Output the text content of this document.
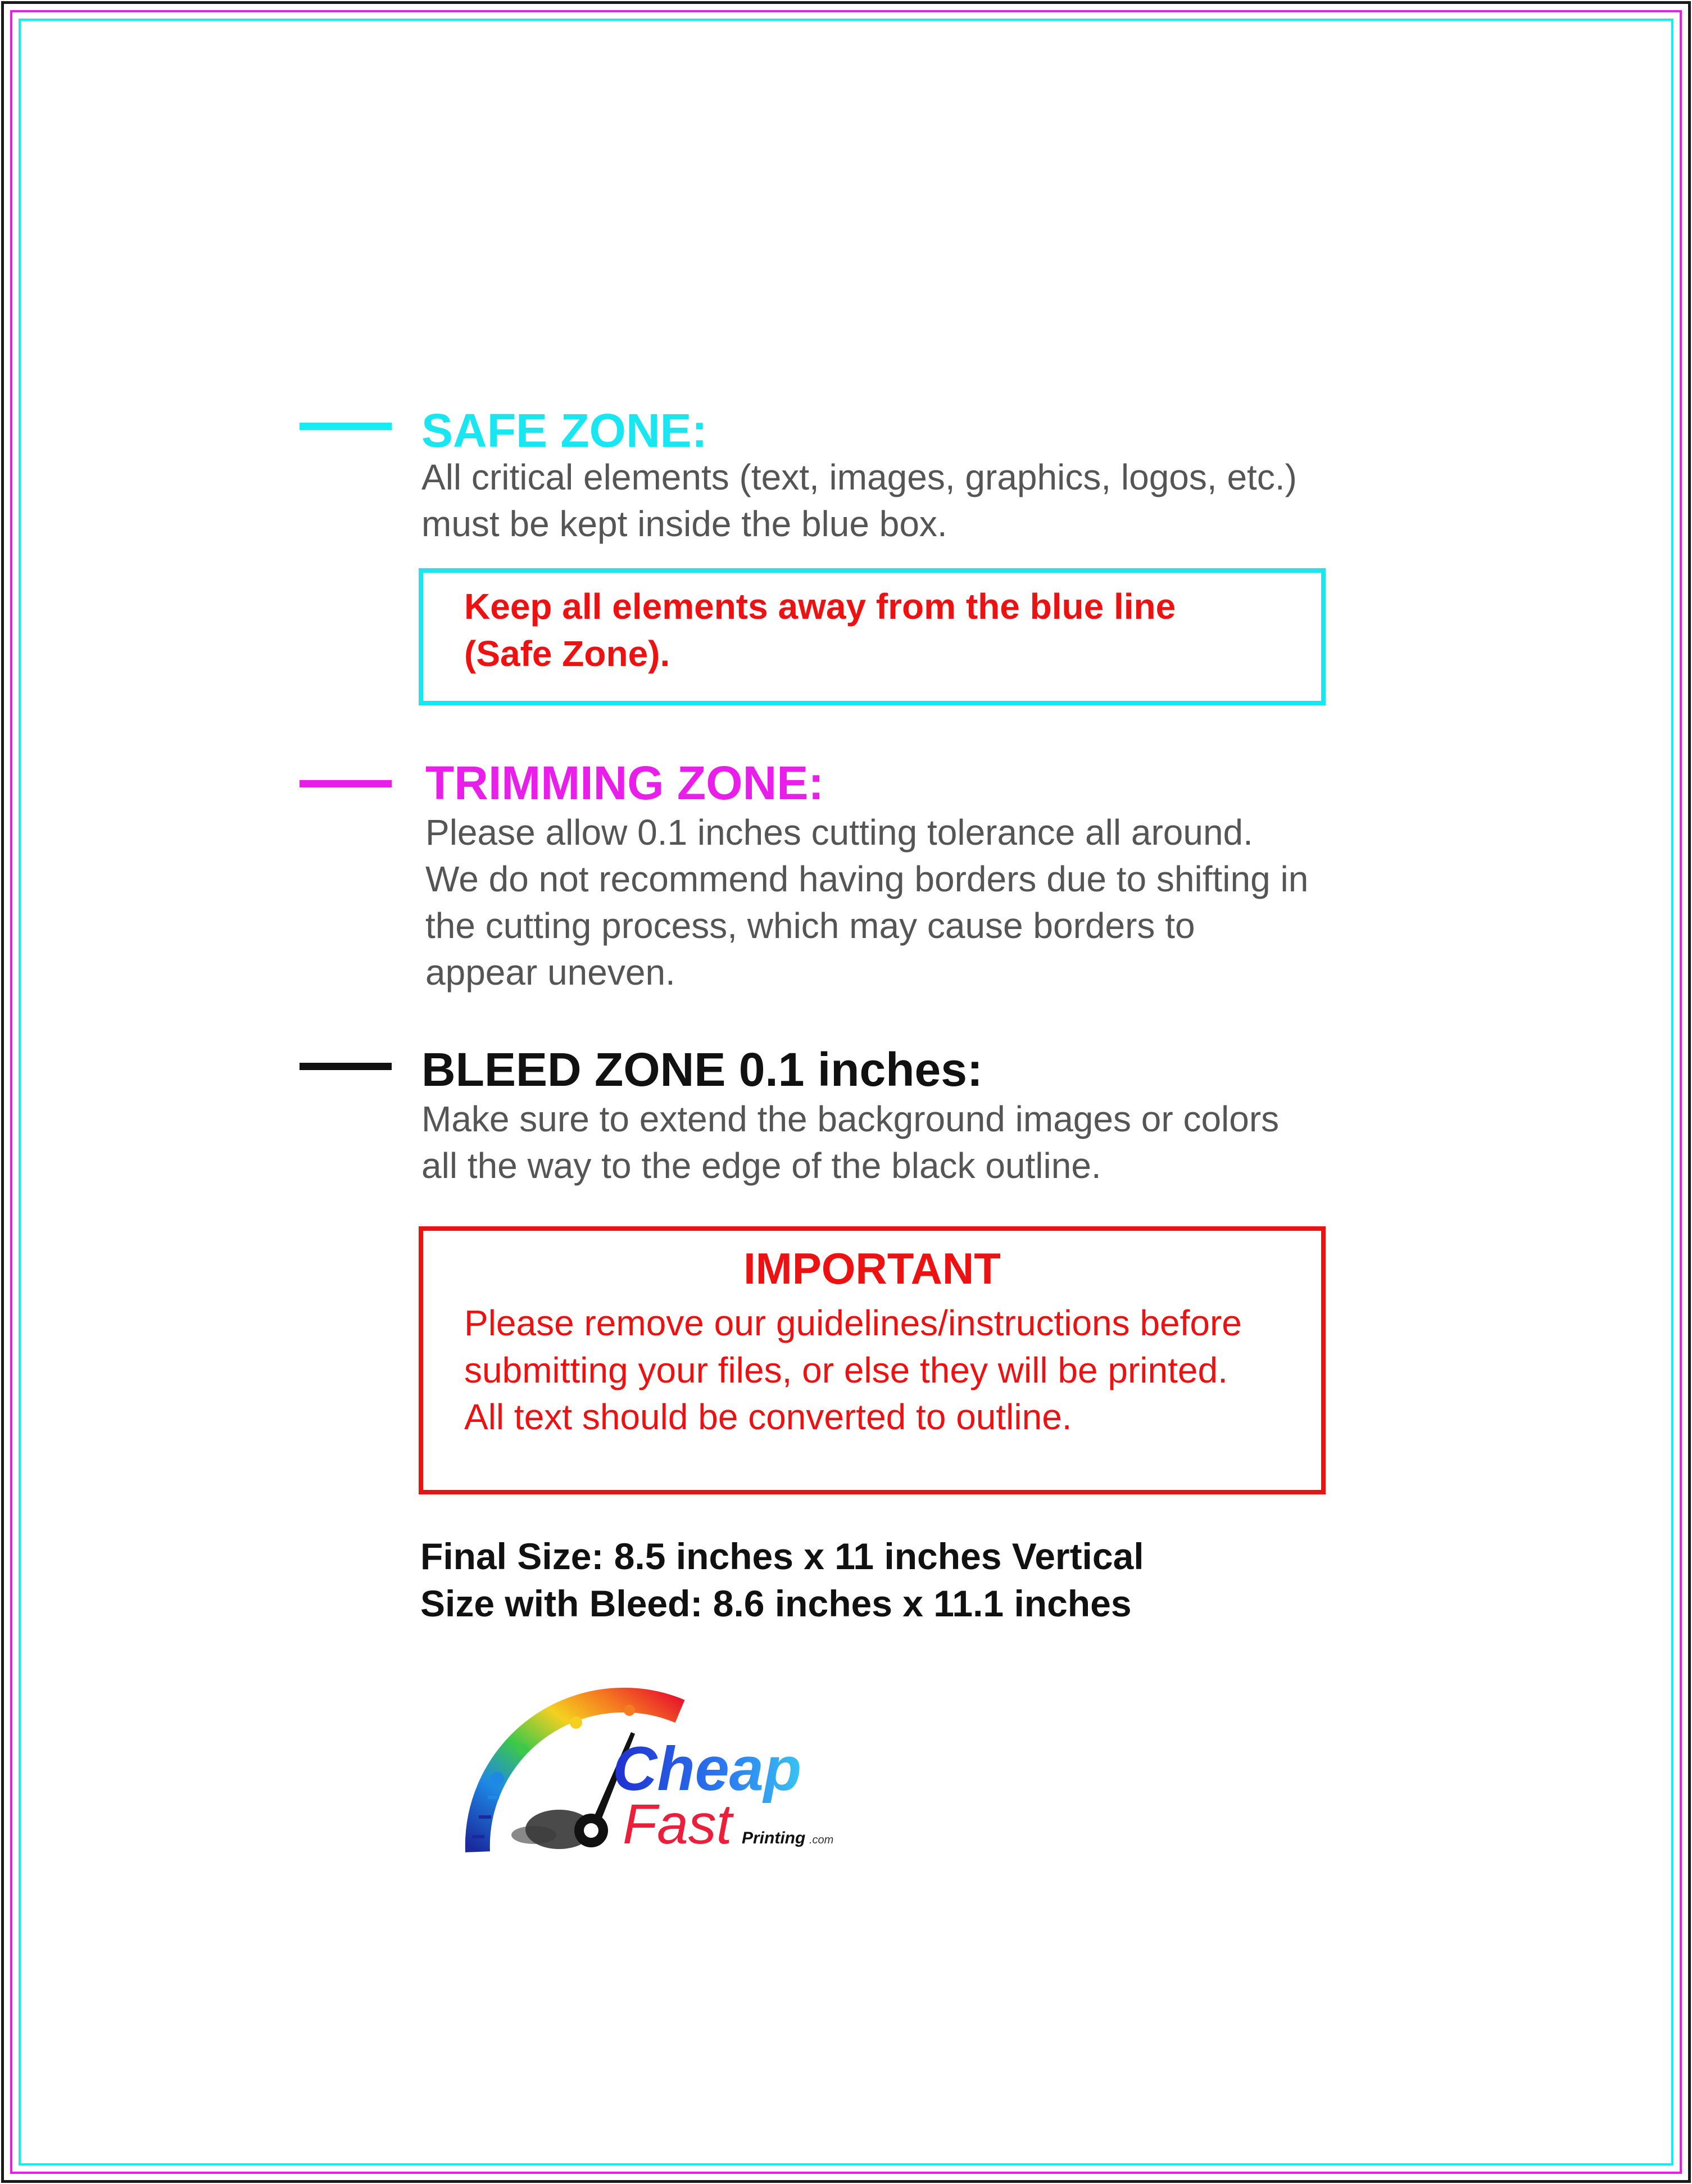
SAFE ZONE:
All critical elements (text, images, graphics, logos, etc.)
must be kept inside the blue box.
Keep all elements away from the blue line
(Safe Zone).
TRIMMING ZONE:
Please allow 0.1 inches cutting tolerance all around.
We do not recommend having borders due to shifting in
the cutting process, which may cause borders to
appear uneven.
BLEED ZONE 0.1 inches:
Make sure to extend the background images or colors
all the way to the edge of the black outline.
IMPORTANT
Please remove our guidelines/instructions before
submitting your files, or else they will be printed.
All text should be converted to outline.
Final Size: 8.5 inches x 11 inches Vertical
Size with Bleed: 8.6 inches x 11.1 inches
Cheap
Fast Printing .com
